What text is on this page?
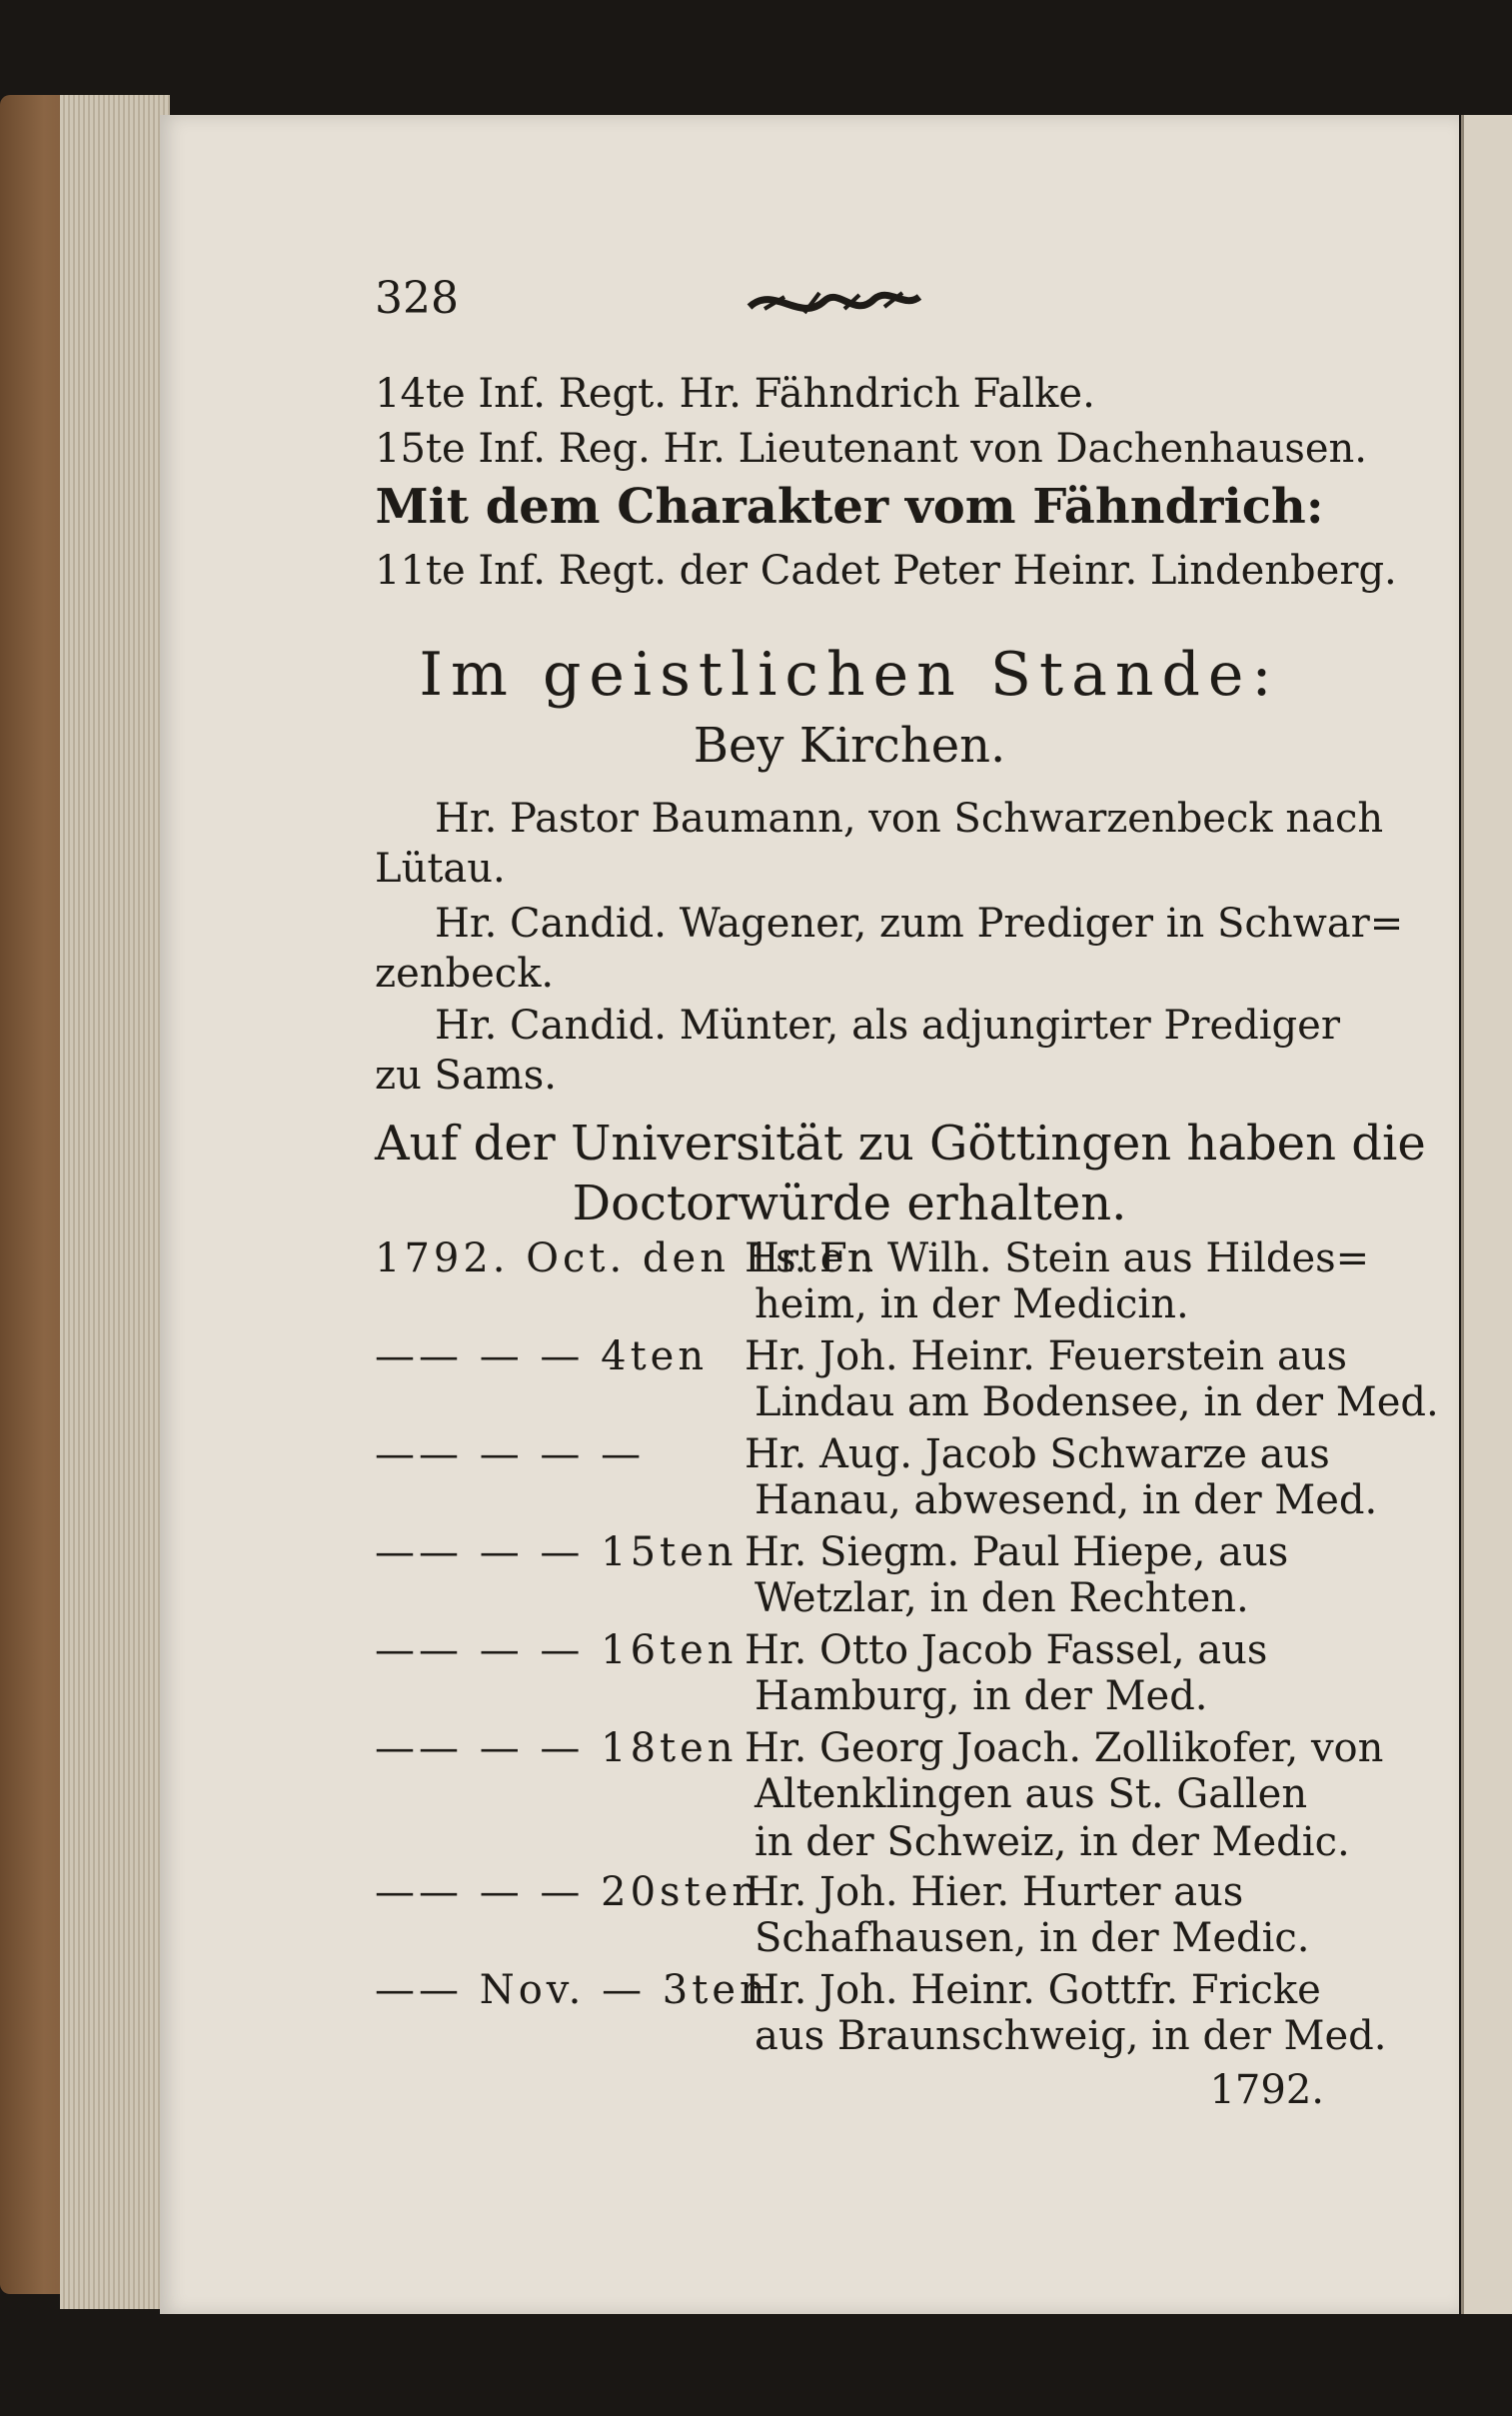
328
14te Inf. Regt. Hr. Fähndrich Falke.
15te Inf. Reg. Hr. Lieutenant von Dachenhausen.
Mit dem Charakter vom Fähndrich:
11te Inf. Regt. der Cadet Peter Heinr. Lindenberg.
Im geistlichen Stande:
Bey Kirchen.
Hr. Pastor Baumann, von Schwarzenbeck nach
Lütau.
Hr. Candid. Wagener, zum Prediger in Schwar=
zenbeck.
Hr. Candid. Münter, als adjungirter Prediger
zu Sams.
Auf der Universität zu Göttingen haben die
Doctorwürde erhalten.
1792. Oct. den 1sten
Hr. Fr. Wilh. Stein aus Hildes=
heim, in der Medicin.
—— — — 4ten Hr. Joh. Heinr. Feuerstein aus
Lindau am Bodensee, in der Med.
—— — — — Hr. Aug. Jacob Schwarze aus
Hanau, abwesend, in der Med.
—— — — 15ten Hr. Siegm. Paul Hiepe, aus
Wetzlar, in den Rechten.
—— — — 16ten Hr. Otto Jacob Fassel, aus
Hamburg, in der Med.
—— — — 18ten Hr. Georg Joach. Zollikofer, von
Altenklingen aus St. Gallen
in der Schweiz, in der Medic.
—— — — 20sten
Hr. Joh. Hier. Hurter aus
Schafhausen, in der Medic.
—— Nov. — 3ten
Hr. Joh. Heinr. Gottfr. Fricke
aus Braunschweig, in der Med.
1792.
